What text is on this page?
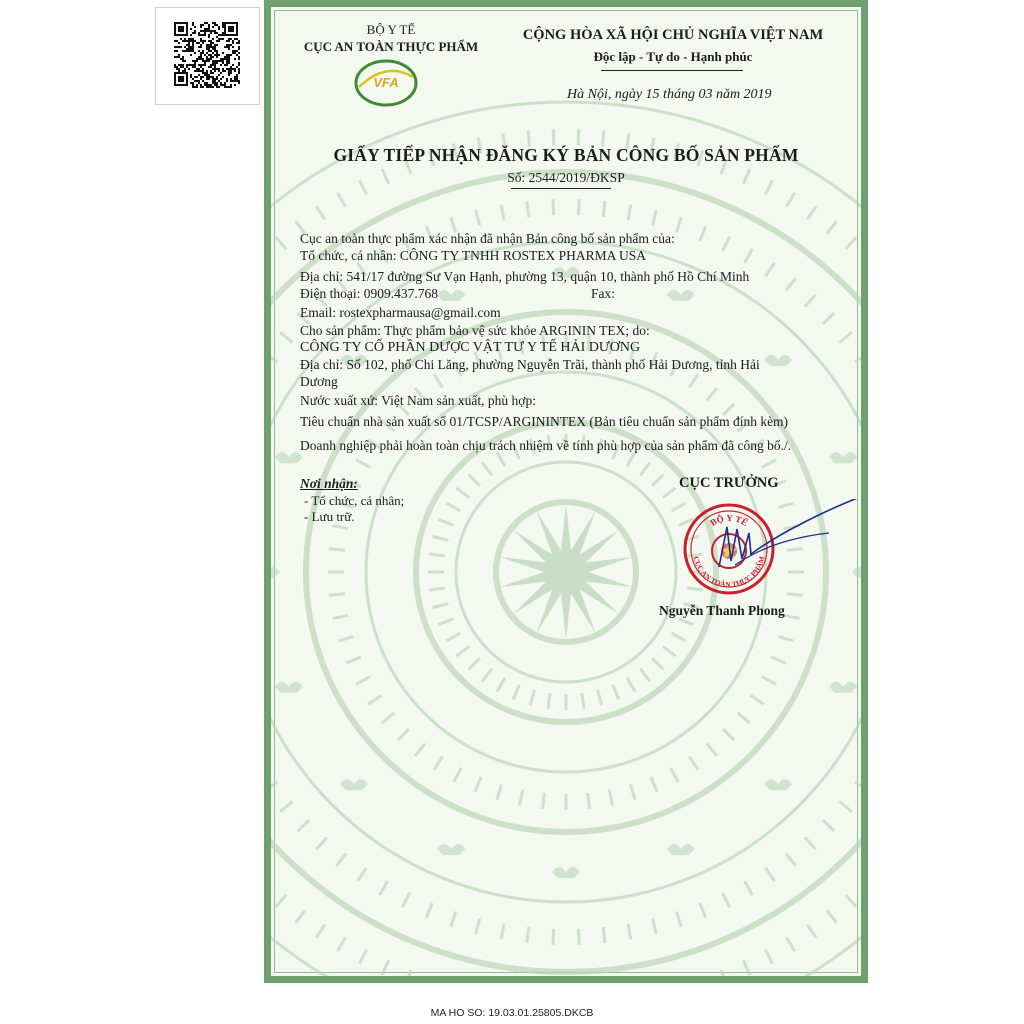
BỘ Y TẾ
CỤC AN TOÀN THỰC PHẨM
VFA
CỘNG HÒA XÃ HỘI CHỦ NGHĨA VIỆT NAM
Độc lập - Tự do - Hạnh phúc
Hà Nội, ngày 15 tháng 03 năm 2019
GIẤY TIẾP NHẬN ĐĂNG KÝ BẢN CÔNG BỐ SẢN PHẨM
Số: 2544/2019/ĐKSP
Cục an toàn thực phẩm xác nhận đã nhận Bản công bố sản phẩm của:
Tổ chức, cá nhân: CÔNG TY TNHH ROSTEX PHARMA USA
Địa chỉ: 541/17 đường Sư Vạn Hạnh, phường 13, quận 10, thành phố Hồ Chí Minh
Điện thoại: 0909.437.768	Fax:
Email: rostexpharmausa@gmail.com
Cho sản phẩm: Thực phẩm bảo vệ sức khỏe ARGININ TEX; do:
CÔNG TY CỔ PHẦN DƯỢC VẬT TƯ Y TẾ HẢI DƯƠNG
Địa chỉ: Số 102, phố Chi Lăng, phường Nguyễn Trãi, thành phố Hải Dương, tỉnh Hải
Dương
Nước xuất xứ: Việt Nam sản xuất, phù hợp:
Tiêu chuẩn nhà sản xuất số 01/TCSP/ARGININTEX (Bản tiêu chuẩn sản phẩm đính kèm)
Doanh nghiệp phải hoàn toàn chịu trách nhiệm về tính phù hợp của sản phẩm đã công bố./.
Nơi nhận:
- Tổ chức, cá nhân;
- Lưu trữ.
CỤC TRƯỞNG
BỘ Y TẾ
CỤC AN TOÀN THỰC PHẨM
Nguyễn Thanh Phong
MA HO SO: 19.03.01.25805.DKCB
